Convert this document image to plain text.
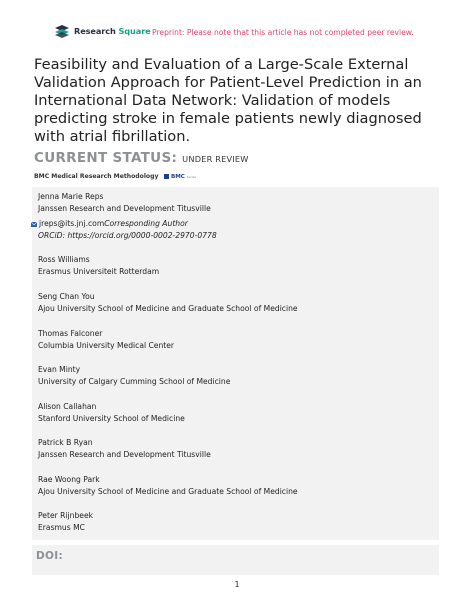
Research Square Preprint: Please note that this article has not completed peer review.
Feasibility and Evaluation of a Large-Scale External Validation Approach for Patient-Level Prediction in an International Data Network: Validation of models predicting stroke in female patients newly diagnosed with atrial fibrillation.
CURRENT STATUS: UNDER REVIEW
BMC Medical Research Methodology BMC Series
Jenna Marie Reps
Janssen Research and Development Titusville
jreps@its.jnj.com Corresponding Author
ORCiD: https://orcid.org/0000-0002-2970-0778
Ross Williams
Erasmus Universiteit Rotterdam
Seng Chan You
Ajou University School of Medicine and Graduate School of Medicine
Thomas Falconer
Columbia University Medical Center
Evan Minty
University of Calgary Cumming School of Medicine
Alison Callahan
Stanford University School of Medicine
Patrick B Ryan
Janssen Research and Development Titusville
Rae Woong Park
Ajou University School of Medicine and Graduate School of Medicine
Peter Rijnbeek
Erasmus MC
DOI:
1
